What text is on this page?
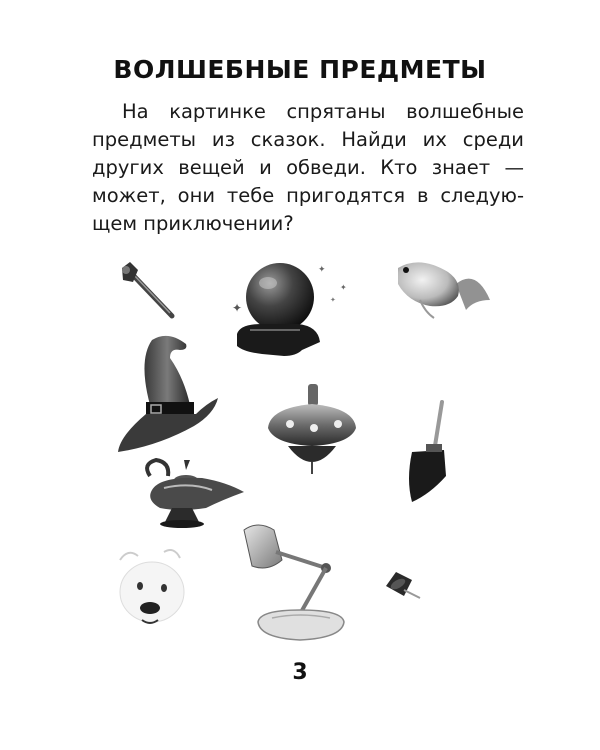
ВОЛШЕБНЫЕ ПРЕДМЕТЫ
На картинке спрятаны волшебные
предметы из сказок. Найди их среди
других вещей и обведи. Кто знает —
может, они тебе пригодятся в следую-
щем приключении?
✦
✦
✦
✦
3
